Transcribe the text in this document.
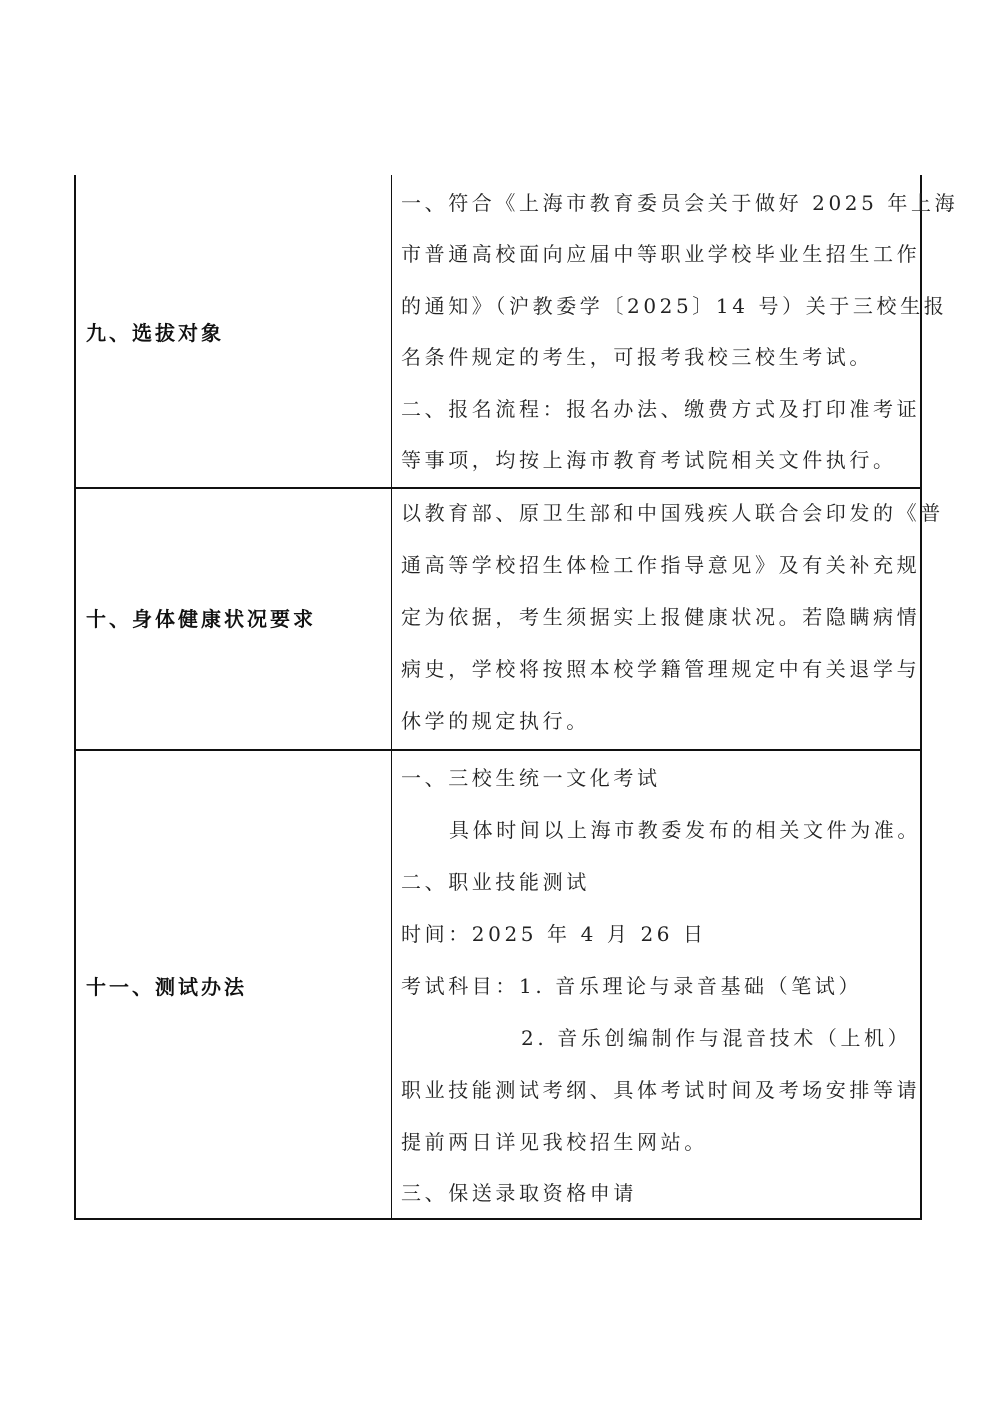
九、选拔对象
一、符合《上海市教育委员会关于做好 2025 年上海
市普通高校面向应届中等职业学校毕业生招生工作
的通知》（沪教委学〔2025〕14 号）关于三校生报
名条件规定的考生，可报考我校三校生考试。
二、报名流程：报名办法、缴费方式及打印准考证
等事项，均按上海市教育考试院相关文件执行。
十、身体健康状况要求
以教育部、原卫生部和中国残疾人联合会印发的《普
通高等学校招生体检工作指导意见》及有关补充规
定为依据，考生须据实上报健康状况。若隐瞒病情
病史，学校将按照本校学籍管理规定中有关退学与
休学的规定执行。
十一、测试办法
一、三校生统一文化考试
具体时间以上海市教委发布的相关文件为准。
二、职业技能测试
时间：2025 年 4 月 26 日
考试科目：1. 音乐理论与录音基础（笔试）
2. 音乐创编制作与混音技术（上机）
职业技能测试考纲、具体考试时间及考场安排等请
提前两日详见我校招生网站。
三、保送录取资格申请
